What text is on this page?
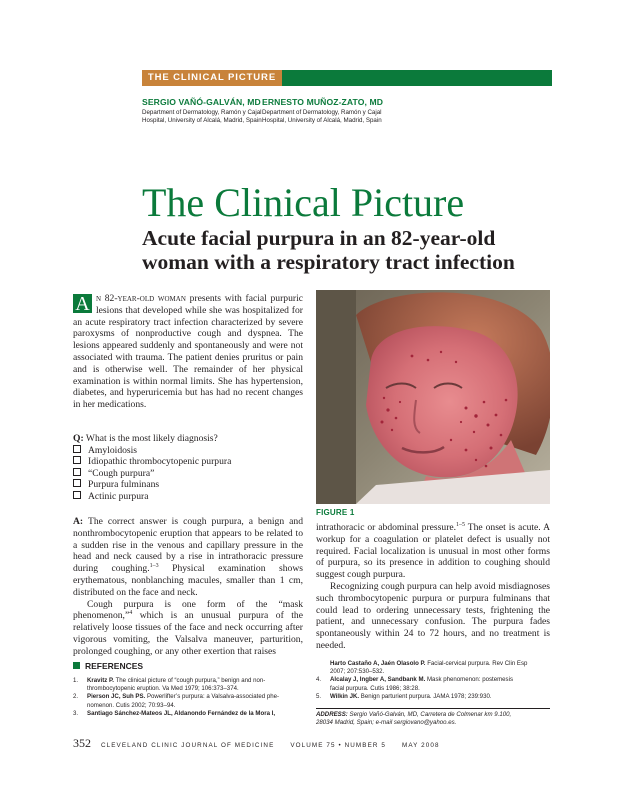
THE CLINICAL PICTURE
SERGIO VAÑÓ-GALVÁN, MD
Department of Dermatology, Ramón y Cajal
Hospital, University of Alcalá, Madrid, Spain
ERNESTO MUÑOZ-ZATO, MD
Department of Dermatology, Ramón y Cajal
Hospital, University of Alcalá, Madrid, Spain
The Clinical Picture
Acute facial purpura in an 82-year-old
woman with a respiratory tract infection
A n 82-year-old woman presents with facial purpuric lesions that developed while she was hospitalized for an acute respiratory tract infection characterized by severe paroxysms of nonproductive cough and dyspnea. The lesions appeared suddenly and spontaneously and were not associated with trauma. The patient denies pruritus or pain and is otherwise well. The remainder of her physical examination is within normal limits. She has hypertension, diabetes, and hyperuricemia but has had no recent changes in her medications.
Q: What is the most likely diagnosis?
Amyloidosis
Idiopathic thrombocytopenic purpura
“Cough purpura”
Purpura fulminans
Actinic purpura
A: The correct answer is cough purpura, a benign and nonthrombocytopenic eruption that appears to be related to a sudden rise in the venous and capillary pressure in the head and neck caused by a rise in intrathoracic pressure during coughing.$^{1-3}$ Physical examination shows erythematous, nonblanching macules, smaller than 1 cm, distributed on the face and neck.
Cough purpura is one form of the “mask phenomenon,”$^4$ which is an unusual purpura of the relatively loose tissues of the face and neck occurring after vigorous vomiting, the Valsalva maneuver, parturition, prolonged coughing, or any other exertion that raises
FIGURE 1
intrathoracic or abdominal pressure.$^{1-5}$ The onset is acute. A workup for a coagulation or platelet defect is usually not required. Facial localization is unusual in most other forms of purpura, so its presence in addition to coughing should suggest cough purpura.
Recognizing cough purpura can help avoid misdiagnoses such thrombocytopenic purpura or purpura fulminans that could lead to ordering unnecessary tests, frightening the patient, and unnecessary confusion. The purpura fades spontaneously within 24 to 72 hours, and no treatment is needed.
REFERENCES
1. Kravitz P. The clinical picture of “cough purpura,” benign and non-
thrombocytopenic eruption. Va Med 1979; 106:373–374.
2. Pierson JC, Suh PS. Powerlifter’s purpura: a Valsalva-associated phe-
nomenon. Cutis 2002; 70:93–94.
3. Santiago Sánchez-Mateos JL, Aldanondo Fernández de la Mora I,
Harto Castaño A, Jaén Olasolo P. Facial-cervical purpura. Rev Clin Esp
2007; 207:530–532.
4. Alcalay J, Ingber A, Sandbank M. Mask phenomenon: postemesis
facial purpura. Cutis 1986; 38:28.
5. Wilkin JK. Benign parturient purpura. JAMA 1978; 239:930.
ADDRESS: Sergio Vañó-Galván, MD, Carretera de Colmenar km 9.100,
28034 Madrid, Spain; e-mail sergiovano@yahoo.es.
352 CLEVELAND CLINIC JOURNAL OF MEDICINE	VOLUME 75 • NUMBER 5	MAY 2008
